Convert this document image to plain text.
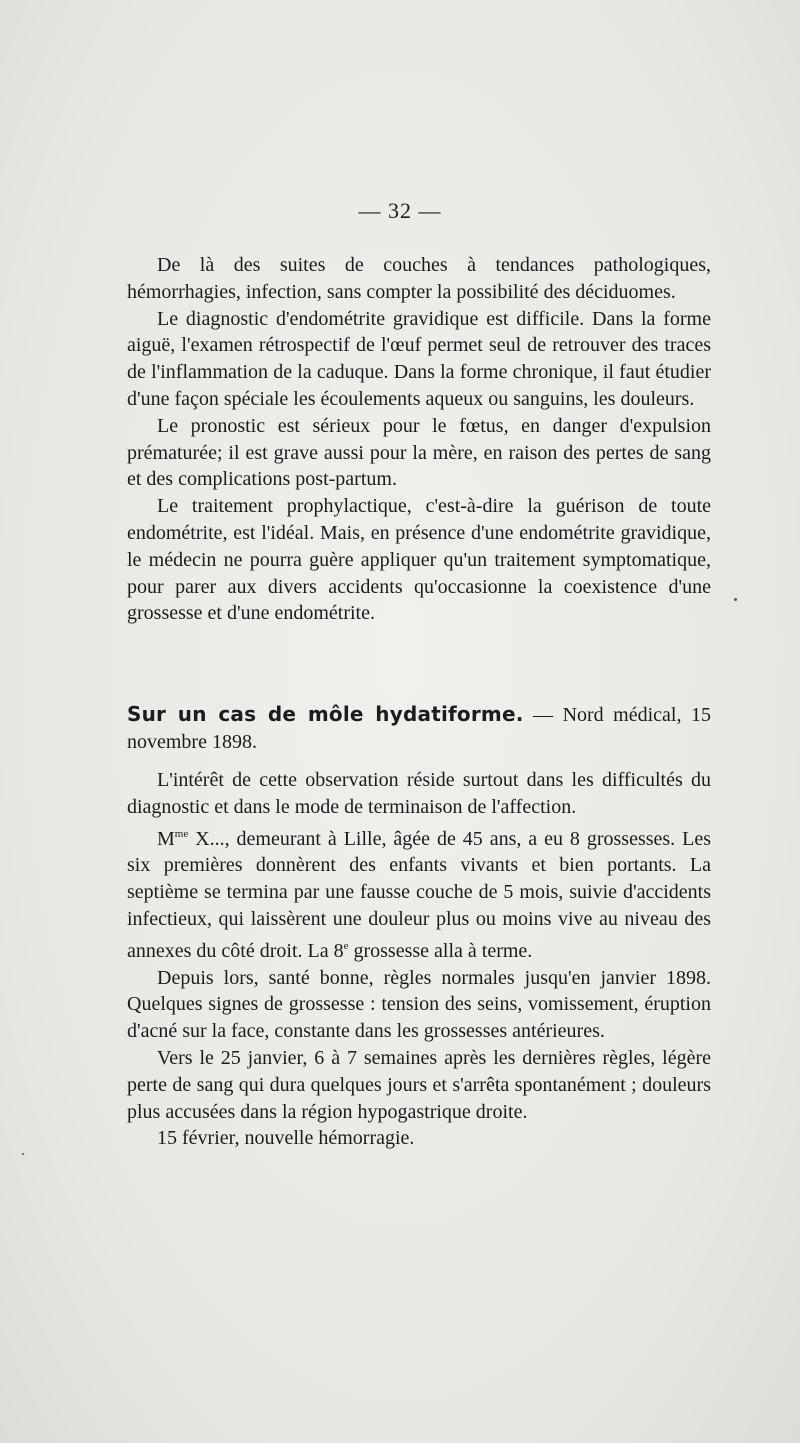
— 32 —

De là des suites de couches à tendances pathologiques, hémorrhagies, infection, sans compter la possibilité des déciduomes.

Le diagnostic d'endométrite gravidique est difficile. Dans la forme aiguë, l'examen rétrospectif de l'œuf permet seul de retrouver des traces de l'inflammation de la caduque. Dans la forme chronique, il faut étudier d'une façon spéciale les écoulements aqueux ou sanguins, les douleurs.

Le pronostic est sérieux pour le fœtus, en danger d'expulsion prématurée; il est grave aussi pour la mère, en raison des pertes de sang et des complications post-partum.

Le traitement prophylactique, c'est-à-dire la guérison de toute endométrite, est l'idéal. Mais, en présence d'une endométrite gravidique, le médecin ne pourra guère appliquer qu'un traitement symptomatique, pour parer aux divers accidents qu'occasionne la coexistence d'une grossesse et d'une endométrite.

Sur un cas de môle hydatiforme. — Nord médical, 15 novembre 1898.

L'intérêt de cette observation réside surtout dans les difficultés du diagnostic et dans le mode de terminaison de l'affection.

$M^{me}$ X..., demeurant à Lille, âgée de 45 ans, a eu 8 grossesses. Les six premières donnèrent des enfants vivants et bien portants. La septième se termina par une fausse couche de 5 mois, suivie d'accidents infectieux, qui laissèrent une douleur plus ou moins vive au niveau des annexes du côté droit. La 8e grossesse alla à terme.

Depuis lors, santé bonne, règles normales jusqu'en janvier 1898. Quelques signes de grossesse : tension des seins, vomissement, éruption d'acné sur la face, constante dans les grossesses antérieures.

Vers le 25 janvier, 6 à 7 semaines après les dernières règles, légère perte de sang qui dura quelques jours et s'arrêta spontanément ; douleurs plus accusées dans la région hypogastrique droite.

15 février, nouvelle hémorragie.
